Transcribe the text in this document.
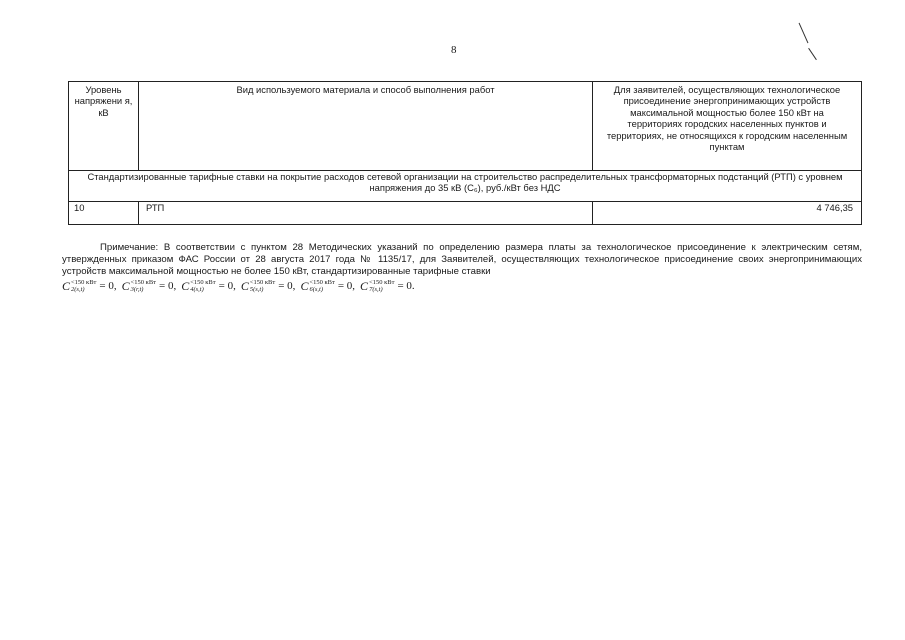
8
Уровень напряжени я, кВ	Вид используемого материала и способ выполнения работ	Для заявителей, осуществляющих технологическое присоединение энергопринимающих устройств максимальной мощностью более 150 кВт на территориях городских населенных пунктов и территориях, не относящихся к городским населенным пунктам

Стандартизированные тарифные ставки на покрытие расходов сетевой организации на строительство распределительных трансформаторных подстанций (РТП) с уровнем напряжения до 35 кВ (C₆), руб./кВт без НДС		
10	РТП	4 746,35

Примечание: В соответствии с пунктом 28 Методических указаний по определению размера платы за технологическое присоединение к электрическим сетям, утвержденных приказом ФАС России от 28 августа 2017 года № 1135/17, для Заявителей, осуществляющих технологическое присоединение своих энергопринимающих устройств максимальной мощностью не более 150 кВт, стандартизированные тарифные ставки

C <150 кВт
2(s,t)	= 0, C <150 кВт
3(r,t)	= 0, C <150 кВт
4(s,t)	= 0, C <150 кВт
5(s,t)	= 0, C <150 кВт
6(s,t)	= 0, C <150 кВт
7(s,t)	= 0.
